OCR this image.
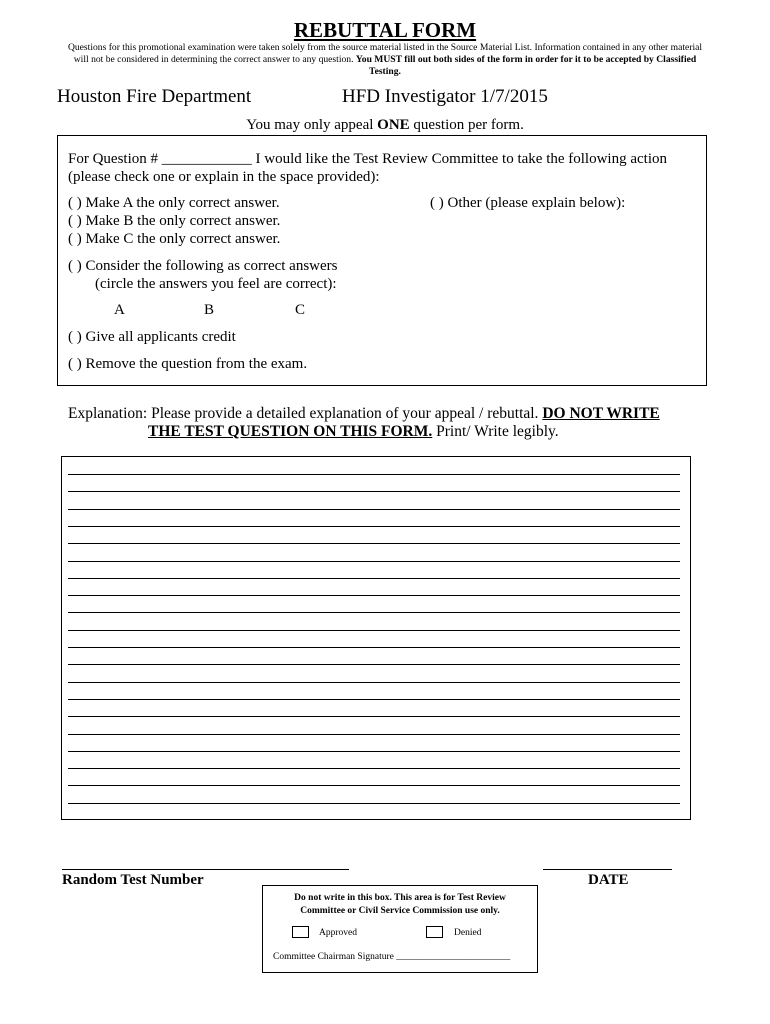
REBUTTAL FORM
Questions for this promotional examination were taken solely from the source material listed in the Source Material List. Information contained in any other material will not be considered in determining the correct answer to any question. You MUST fill out both sides of the form in order for it to be accepted by Classified Testing.
Houston Fire Department	HFD Investigator 1/7/2015
You may only appeal ONE question per form.
For Question # ____________ I would like the Test Review Committee to take the following action
(please check one or explain in the space provided):
( ) Make A the only correct answer.
( ) Make B the only correct answer.
( ) Make C the only correct answer.
( ) Other (please explain below):
( ) Consider the following as correct answers
(circle the answers you feel are correct):
A	B	C
( ) Give all applicants credit
( ) Remove the question from the exam.
Explanation: Please provide a detailed explanation of your appeal / rebuttal. DO NOT WRITE
THE TEST QUESTION ON THIS FORM. Print/ Write legibly.
Random Test Number	DATE
Do not write in this box. This area is for Test Review
Committee or Civil Service Commission use only.
Approved	Denied
Committee Chairman Signature ________________________
